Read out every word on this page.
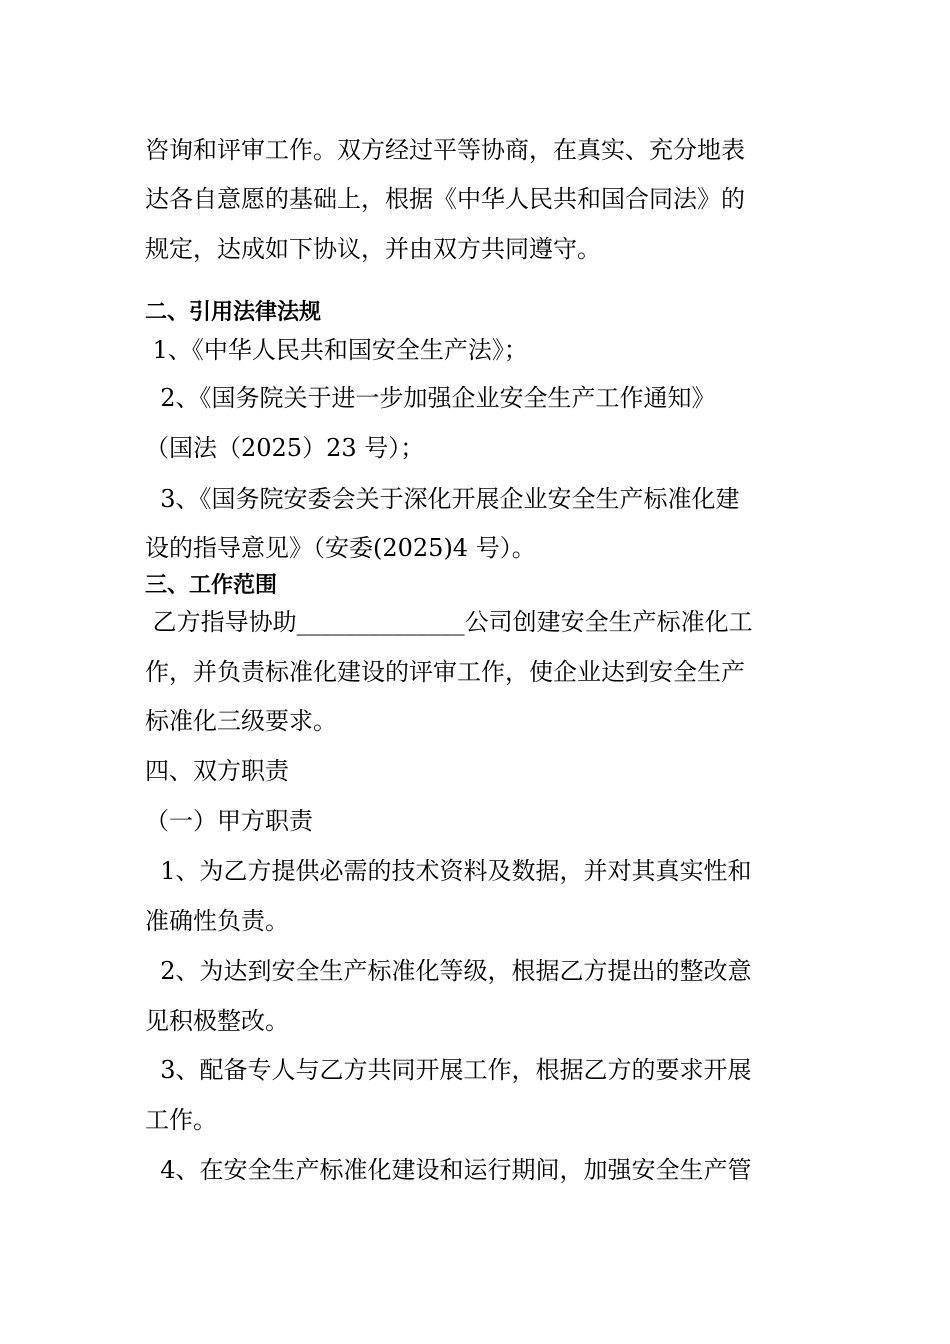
咨询和评审工作。双方经过平等协商，在真实、充分地表

达各自意愿的基础上，根据《中华人民共和国合同法》的

规定，达成如下协议，并由双方共同遵守。

二、引用法律法规

1、《中华人民共和国安全生产法》；

2、《国务院关于进一步加强企业安全生产工作通知》

（国法（2025）23 号）；

3、《国务院安委会关于深化开展企业安全生产标准化建

设的指导意见》（安委(2025)4 号）。

三、工作范围

乙方指导协助______________公司创建安全生产标准化工

作，并负责标准化建设的评审工作，使企业达到安全生产

标准化三级要求。

四、双方职责

（一）甲方职责

1、为乙方提供必需的技术资料及数据，并对其真实性和

准确性负责。

2、为达到安全生产标准化等级，根据乙方提出的整改意

见积极整改。

3、配备专人与乙方共同开展工作，根据乙方的要求开展

工作。

4、在安全生产标准化建设和运行期间，加强安全生产管
